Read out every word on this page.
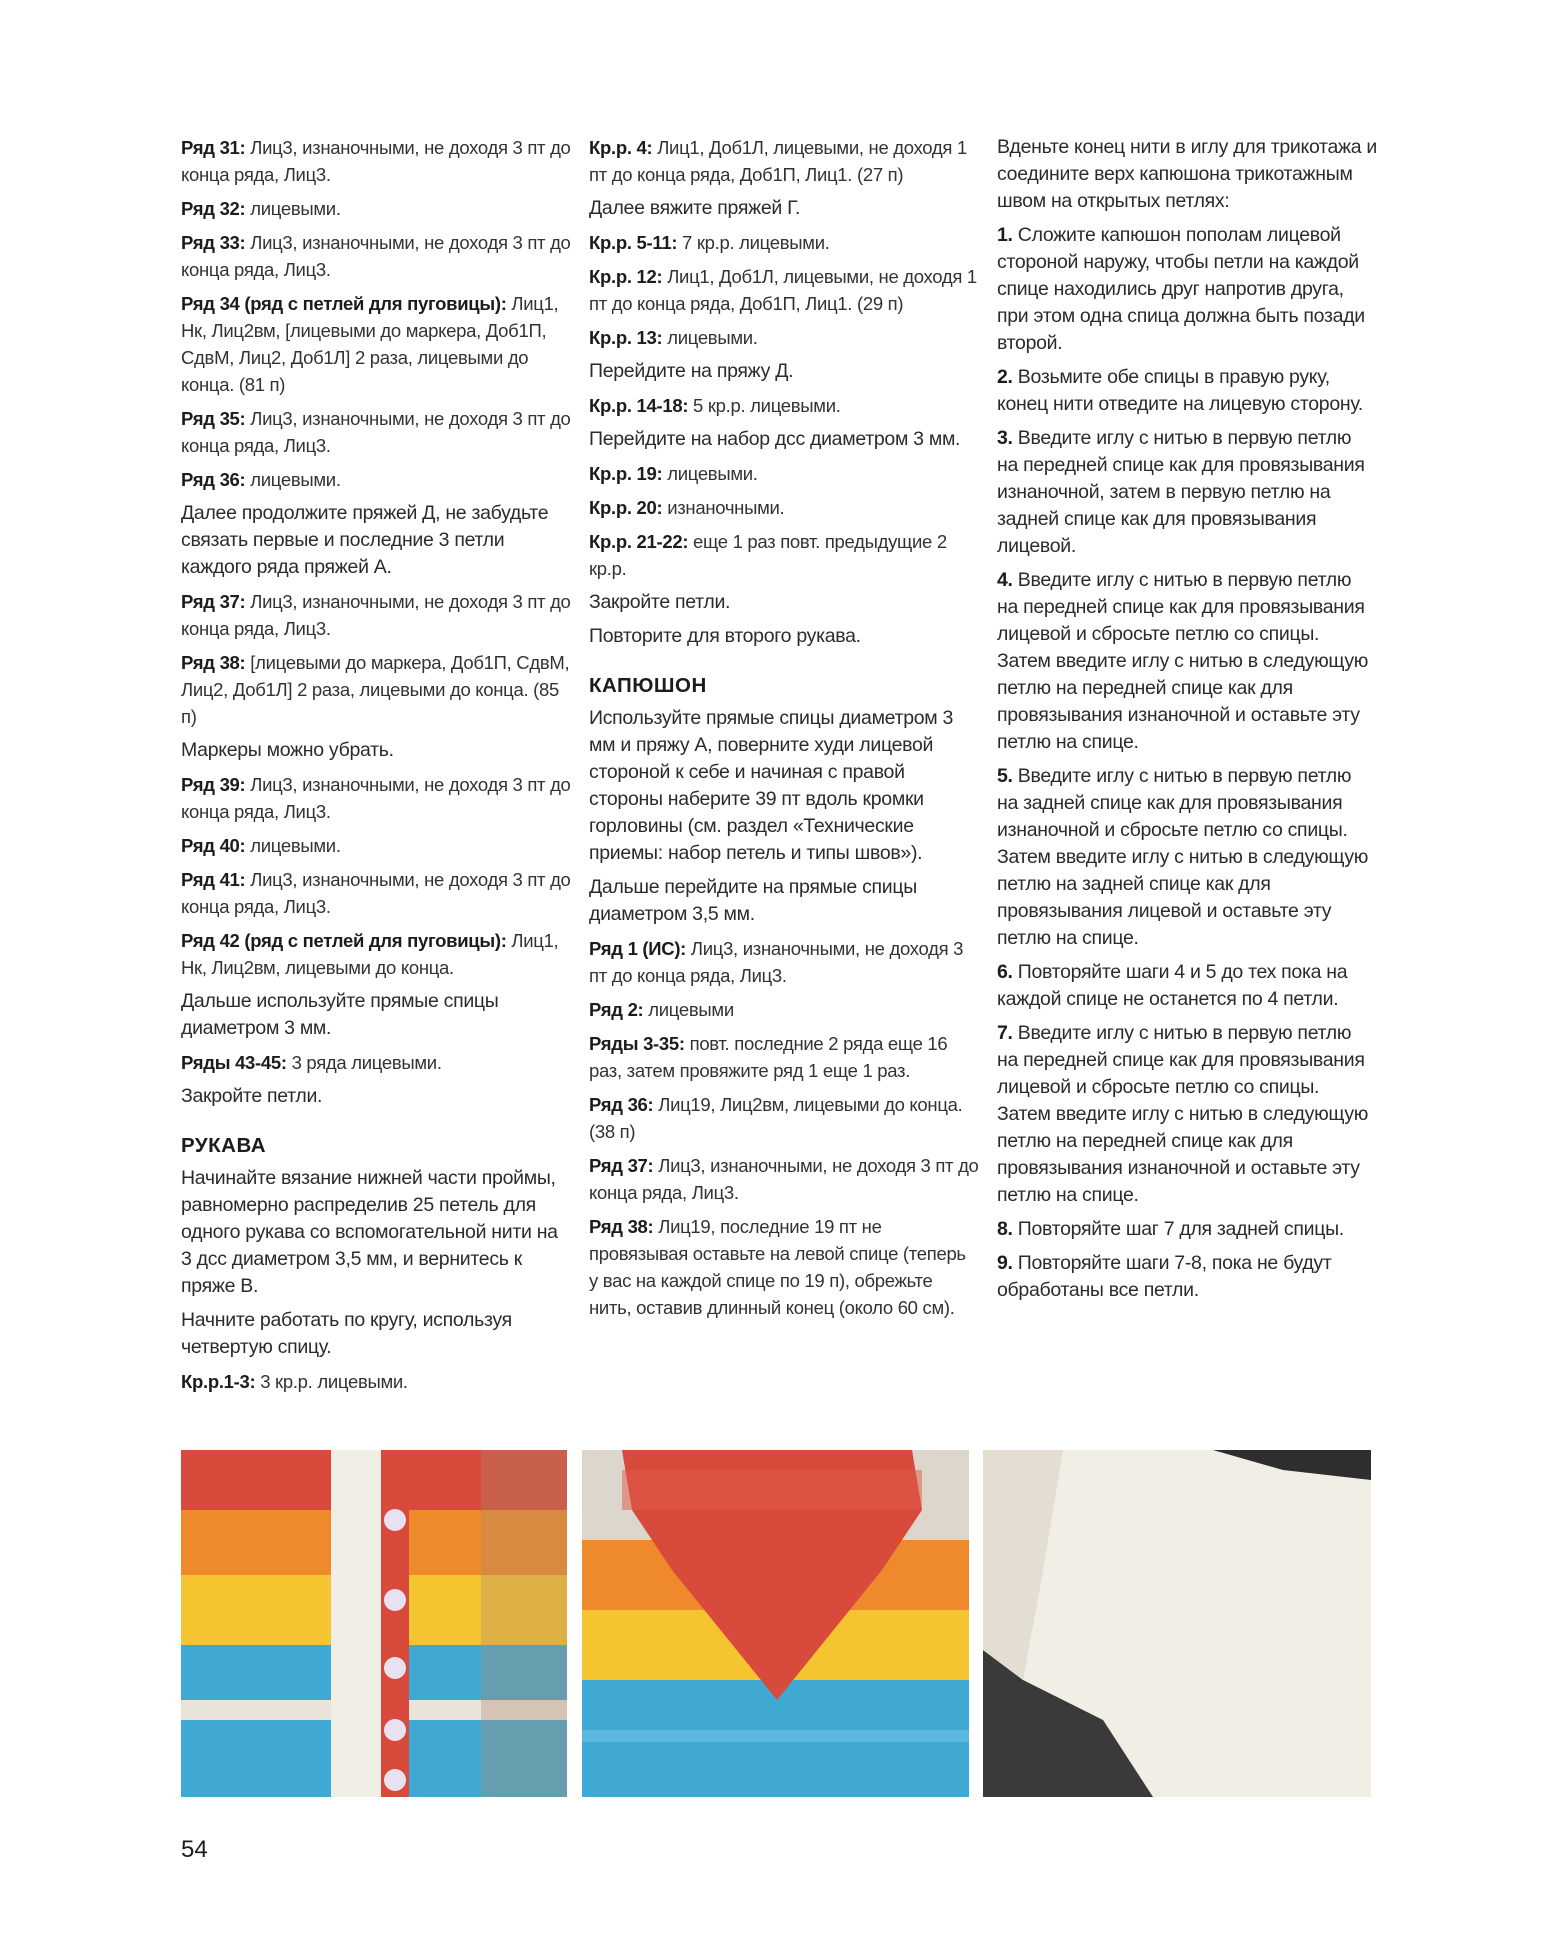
Ряд 31: Лиц3, изнаночными, не доходя 3 пт до конца ряда, Лиц3.

Ряд 32: лицевыми.

Ряд 33: Лиц3, изнаночными, не доходя 3 пт до конца ряда, Лиц3.

Ряд 34 (ряд с петлей для пуговицы): Лиц1, Нк, Лиц2вм, [лицевыми до маркера, Доб1П, СдвМ, Лиц2, Доб1Л] 2 раза, лицевыми до конца. (81 п)

Ряд 35: Лиц3, изнаночными, не доходя 3 пт до конца ряда, Лиц3.

Ряд 36: лицевыми.

Далее продолжите пряжей Д, не забудьте связать первые и последние 3 петли каждого ряда пряжей А.

Ряд 37: Лиц3, изнаночными, не доходя 3 пт до конца ряда, Лиц3.

Ряд 38: [лицевыми до маркера, Доб1П, СдвМ, Лиц2, Доб1Л] 2 раза, лицевыми до конца. (85 п)

Маркеры можно убрать.

Ряд 39: Лиц3, изнаночными, не доходя 3 пт до конца ряда, Лиц3.

Ряд 40: лицевыми.

Ряд 41: Лиц3, изнаночными, не доходя 3 пт до конца ряда, Лиц3.

Ряд 42 (ряд с петлей для пуговицы): Лиц1, Нк, Лиц2вм, лицевыми до конца.

Дальше используйте прямые спицы диаметром 3 мм.

Ряды 43-45: 3 ряда лицевыми.

Закройте петли.

РУКАВА

Начинайте вязание нижней части проймы, равномерно распределив 25 петель для одного рукава со вспомогательной нити на 3 дсс диаметром 3,5 мм, и вернитесь к пряже В.

Начните работать по кругу, используя четвертую спицу.

Кр.р.1-3: 3 кр.р. лицевыми.

Кр.р. 4: Лиц1, Доб1Л, лицевыми, не доходя 1 пт до конца ряда, Доб1П, Лиц1. (27 п)

Далее вяжите пряжей Г.

Кр.р. 5-11: 7 кр.р. лицевыми.

Кр.р. 12: Лиц1, Доб1Л, лицевыми, не доходя 1 пт до конца ряда, Доб1П, Лиц1. (29 п)

Кр.р. 13: лицевыми.

Перейдите на пряжу Д.

Кр.р. 14-18: 5 кр.р. лицевыми.

Перейдите на набор дсс диаметром 3 мм.

Кр.р. 19: лицевыми.

Кр.р. 20: изнаночными.

Кр.р. 21-22: еще 1 раз повт. предыдущие 2 кр.р.

Закройте петли.

Повторите для второго рукава.

КАПЮШОН

Используйте прямые спицы диаметром 3 мм и пряжу А, поверните худи лицевой стороной к себе и начиная с правой стороны наберите 39 пт вдоль кромки горловины (см. раздел «Технические приемы: набор петель и типы швов»).

Дальше перейдите на прямые спицы диаметром 3,5 мм.

Ряд 1 (ИС): Лиц3, изнаночными, не доходя 3 пт до конца ряда, Лиц3.

Ряд 2: лицевыми

Ряды 3-35: повт. последние 2 ряда еще 16 раз, затем провяжите ряд 1 еще 1 раз.

Ряд 36: Лиц19, Лиц2вм, лицевыми до конца. (38 п)

Ряд 37: Лиц3, изнаночными, не доходя 3 пт до конца ряда, Лиц3.

Ряд 38: Лиц19, последние 19 пт не провязывая оставьте на левой спице (теперь у вас на каждой спице по 19 п), обрежьте нить, оставив длинный конец (около 60 см).

Вденьте конец нити в иглу для трикотажа и соедините верх капюшона трикотажным швом на открытых петлях:

1. Сложите капюшон пополам лицевой стороной наружу, чтобы петли на каждой спице находились друг напротив друга, при этом одна спица должна быть позади второй.

2. Возьмите обе спицы в правую руку, конец нити отведите на лицевую сторону.

3. Введите иглу с нитью в первую петлю на передней спице как для провязывания изнаночной, затем в первую петлю на задней спице как для провязывания лицевой.

4. Введите иглу с нитью в первую петлю на передней спице как для провязывания лицевой и сбросьте петлю со спицы. Затем введите иглу с нитью в следующую петлю на передней спице как для провязывания изнаночной и оставьте эту петлю на спице.

5. Введите иглу с нитью в первую петлю на задней спице как для провязывания изнаночной и сбросьте петлю со спицы. Затем введите иглу с нитью в следующую петлю на задней спице как для провязывания лицевой и оставьте эту петлю на спице.

6. Повторяйте шаги 4 и 5 до тех пока на каждой спице не останется по 4 петли.

7. Введите иглу с нитью в первую петлю на передней спице как для провязывания лицевой и сбросьте петлю со спицы. Затем введите иглу с нитью в следующую петлю на передней спице как для провязывания изнаночной и оставьте эту петлю на спице.

8. Повторяйте шаг 7 для задней спицы.

9. Повторяйте шаги 7-8, пока не будут обработаны все петли.

54
